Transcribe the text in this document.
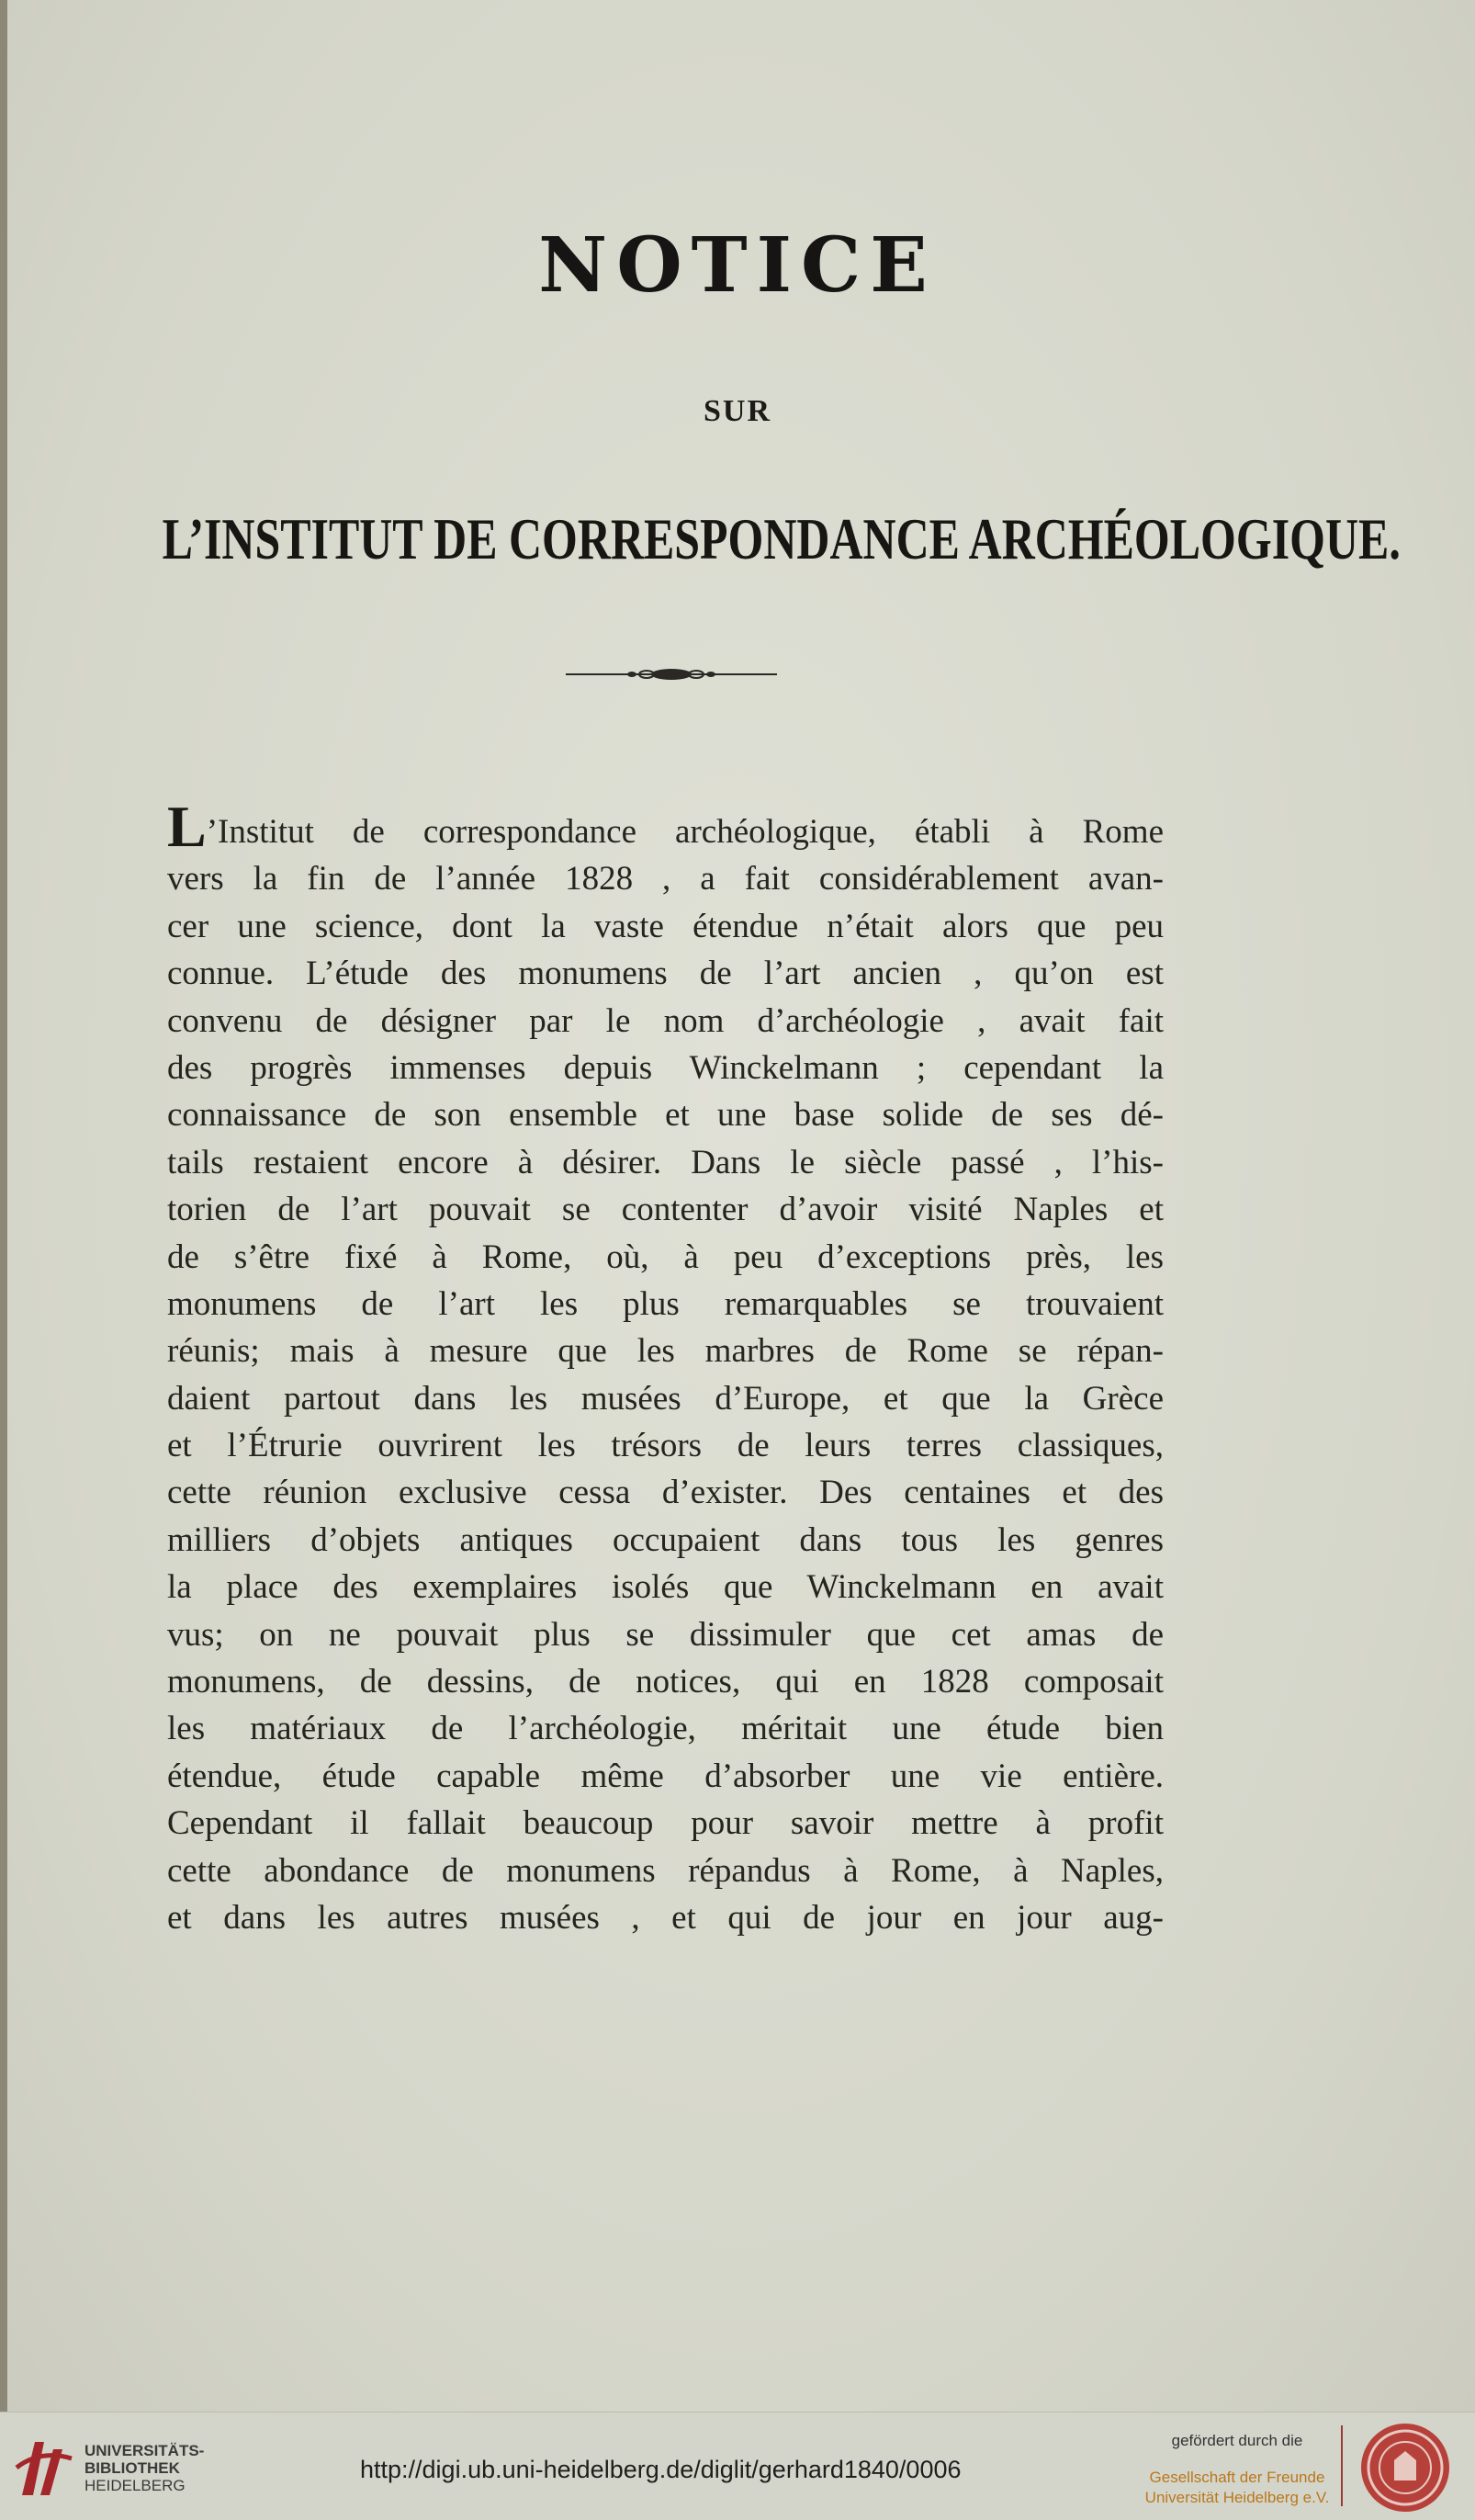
NOTICE
SUR
L’INSTITUT DE CORRESPONDANCE ARCHÉOLOGIQUE.
L’Institut de correspondance archéologique, établi à Rome
vers la fin de l’année 1828 , a fait considérablement avan-
cer une science, dont la vaste étendue n’était alors que peu
connue. L’étude des monumens de l’art ancien , qu’on est
convenu de désigner par le nom d’archéologie , avait fait
des progrès immenses depuis Winckelmann ; cependant la
connaissance de son ensemble et une base solide de ses dé-
tails restaient encore à désirer. Dans le siècle passé , l’his-
torien de l’art pouvait se contenter d’avoir visité Naples et
de s’être fixé à Rome, où, à peu d’exceptions près, les
monumens de l’art les plus remarquables se trouvaient
réunis; mais à mesure que les marbres de Rome se répan-
daient partout dans les musées d’Europe, et que la Grèce
et l’Étrurie ouvrirent les trésors de leurs terres classiques,
cette réunion exclusive cessa d’exister. Des centaines et des
milliers d’objets antiques occupaient dans tous les genres
la place des exemplaires isolés que Winckelmann en avait
vus; on ne pouvait plus se dissimuler que cet amas de
monumens, de dessins, de notices, qui en 1828 composait
les matériaux de l’archéologie, méritait une étude bien
étendue, étude capable même d’absorber une vie entière.
Cependant il fallait beaucoup pour savoir mettre à profit
cette abondance de monumens répandus à Rome, à Naples,
et dans les autres musées , et qui de jour en jour aug-
UNIVERSITÄTS-
BIBLIOTHEK
HEIDELBERG
http://digi.ub.uni-heidelberg.de/diglit/gerhard1840/0006
gefördert durch die
Gesellschaft der Freunde
Universität Heidelberg e.V.
